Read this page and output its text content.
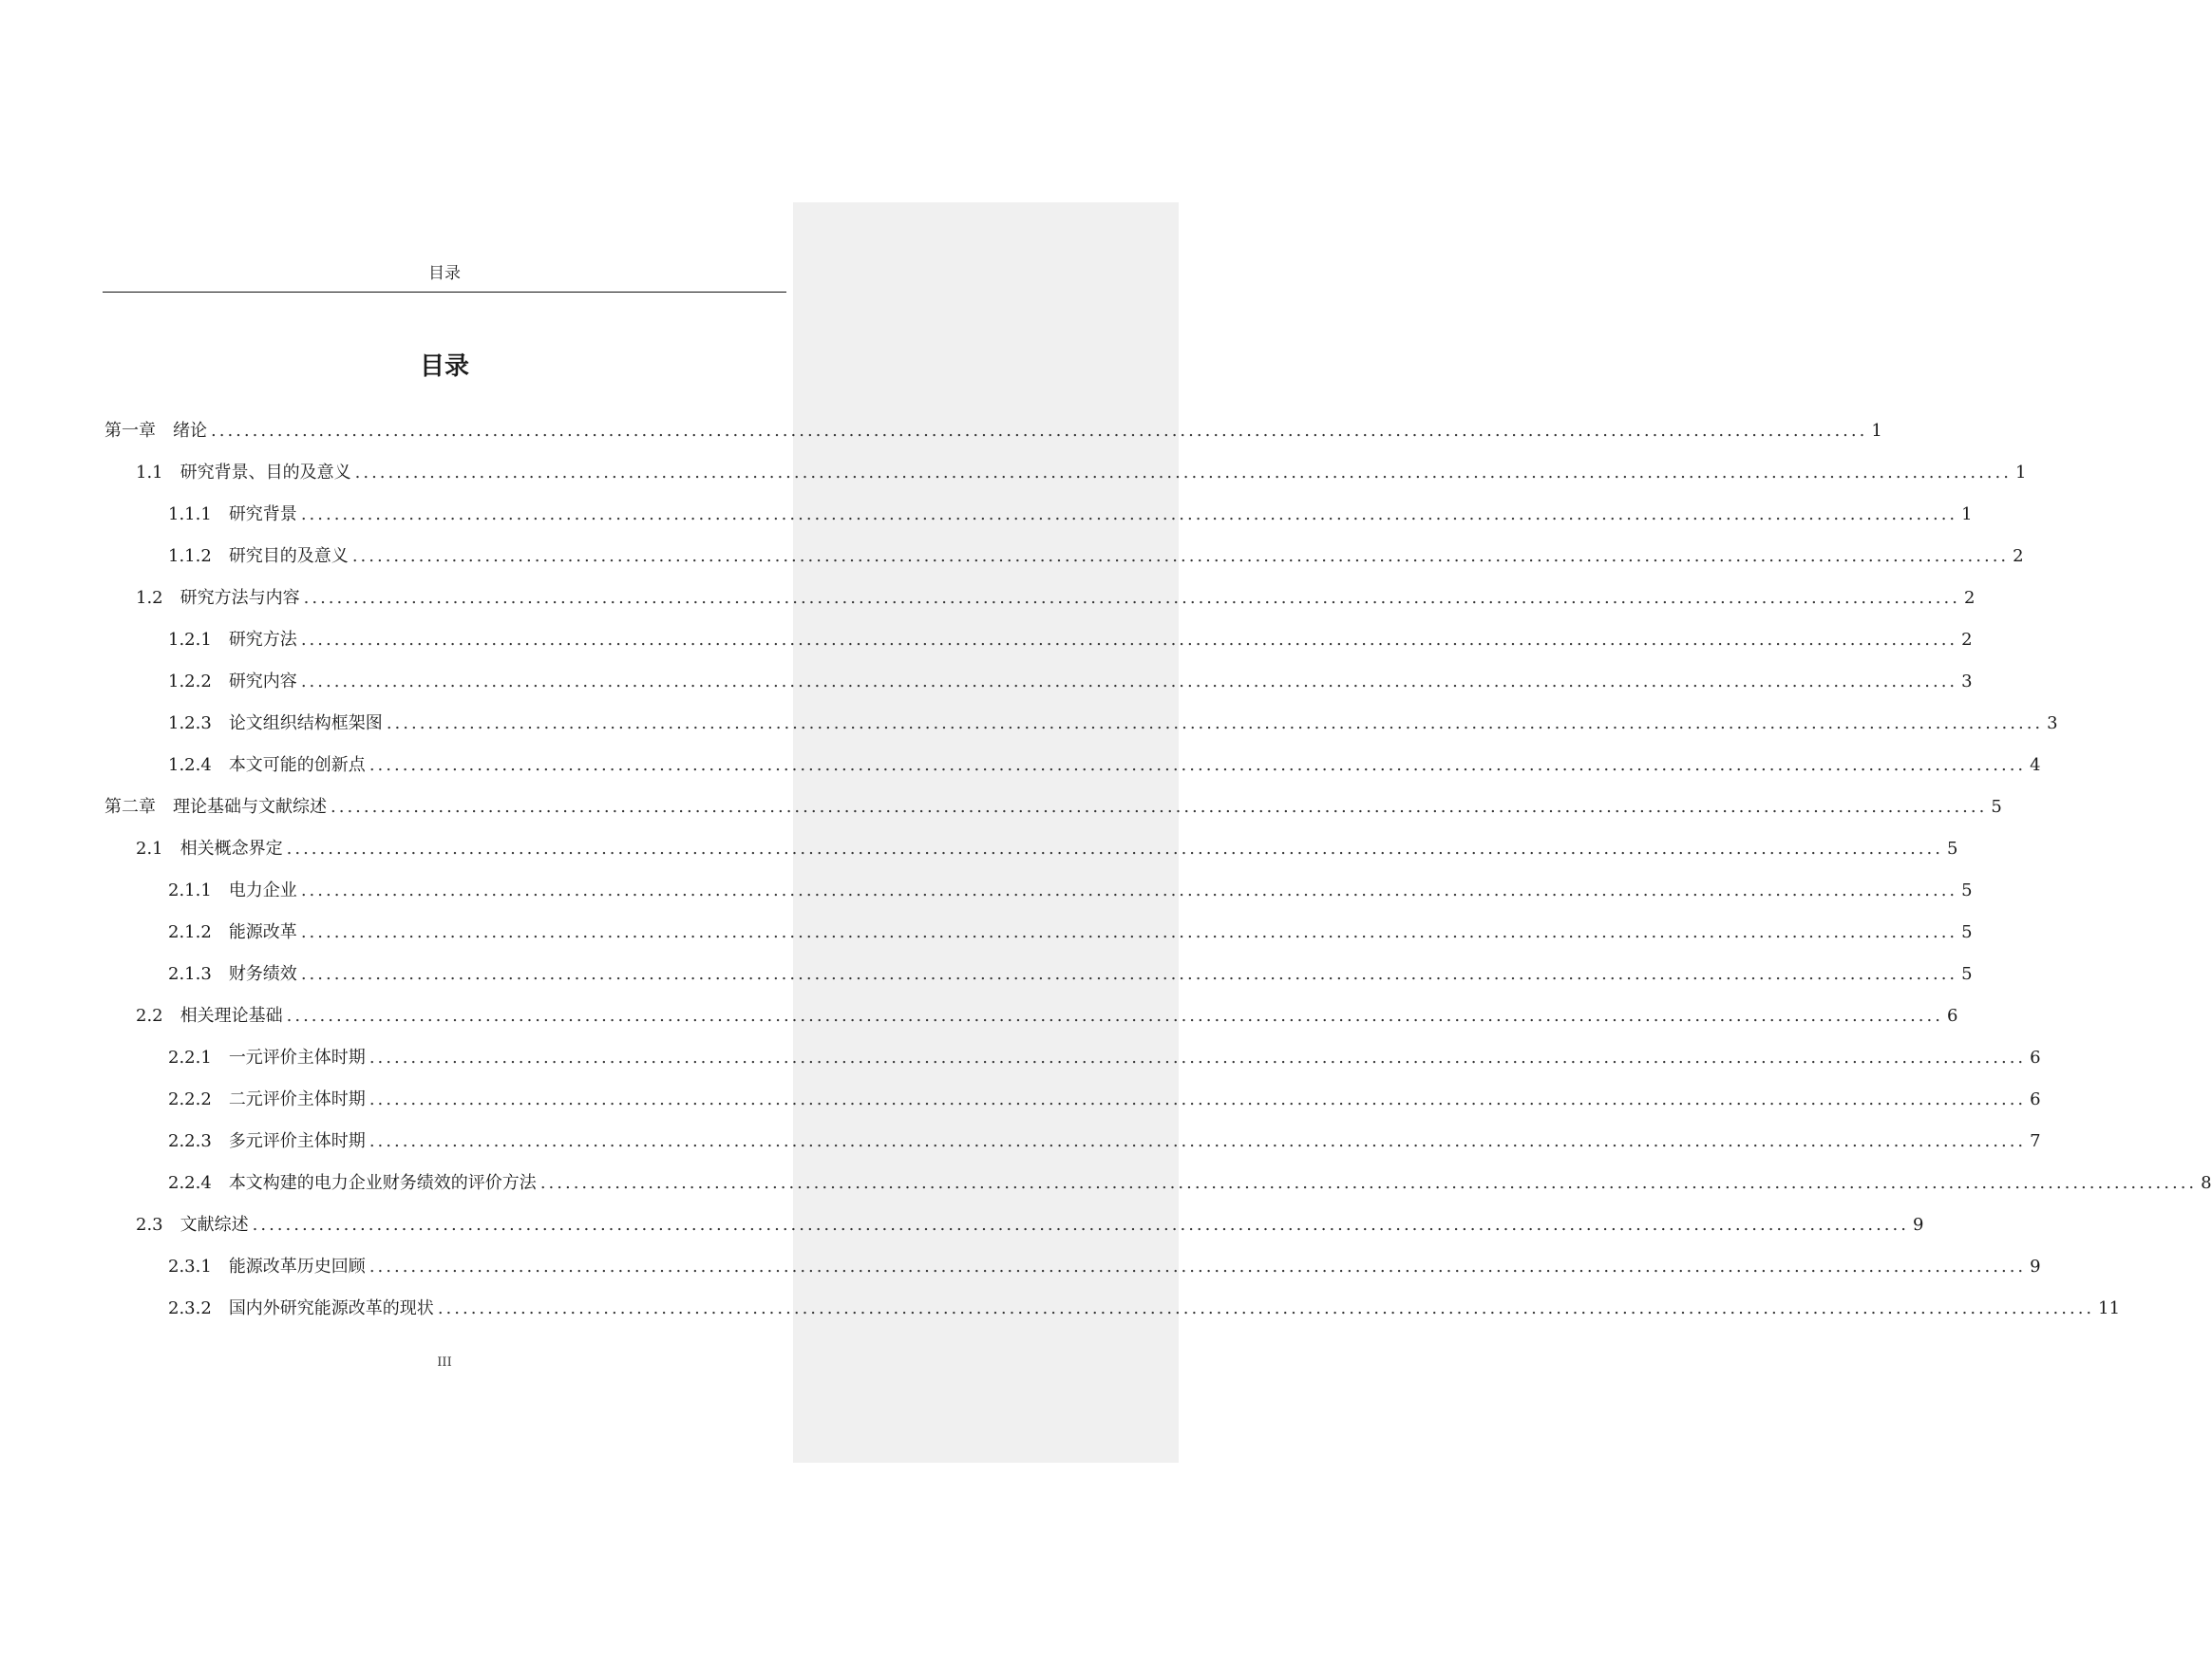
目录
目录
第一章
　 绪论 ........................................................................................................................................................................................................ 1
1.1
   研究背景、目的及意义 ........................................................................................................................................................................................................ 1
1.1.1
   研究背景 ........................................................................................................................................................................................................ 1
1.1.2
   研究目的及意义 ........................................................................................................................................................................................................ 2
1.2
   研究方法与内容 ........................................................................................................................................................................................................ 2
1.2.1
   研究方法 ........................................................................................................................................................................................................ 2
1.2.2
   研究内容 ........................................................................................................................................................................................................ 3
1.2.3
   论文组织结构框架图 ........................................................................................................................................................................................................ 3
1.2.4
   本文可能的创新点 ........................................................................................................................................................................................................ 4
第二章
　 理论基础与文献综述 ........................................................................................................................................................................................................ 5
2.1
   相关概念界定 ........................................................................................................................................................................................................ 5
2.1.1
   电力企业 ........................................................................................................................................................................................................ 5
2.1.2
   能源改革 ........................................................................................................................................................................................................ 5
2.1.3
   财务绩效 ........................................................................................................................................................................................................ 5
2.2
   相关理论基础 ........................................................................................................................................................................................................ 6
2.2.1
   一元评价主体时期 ........................................................................................................................................................................................................ 6
2.2.2
   二元评价主体时期 ........................................................................................................................................................................................................ 6
2.2.3
   多元评价主体时期 ........................................................................................................................................................................................................ 7
2.2.4
   本文构建的电力企业财务绩效的评价方法 ........................................................................................................................................................................................................ 8
2.3
   文献综述 ........................................................................................................................................................................................................ 9
2.3.1
   能源改革历史回顾 ........................................................................................................................................................................................................ 9
2.3.2
   国内外研究能源改革的现状 ........................................................................................................................................................................................................ 11
III
